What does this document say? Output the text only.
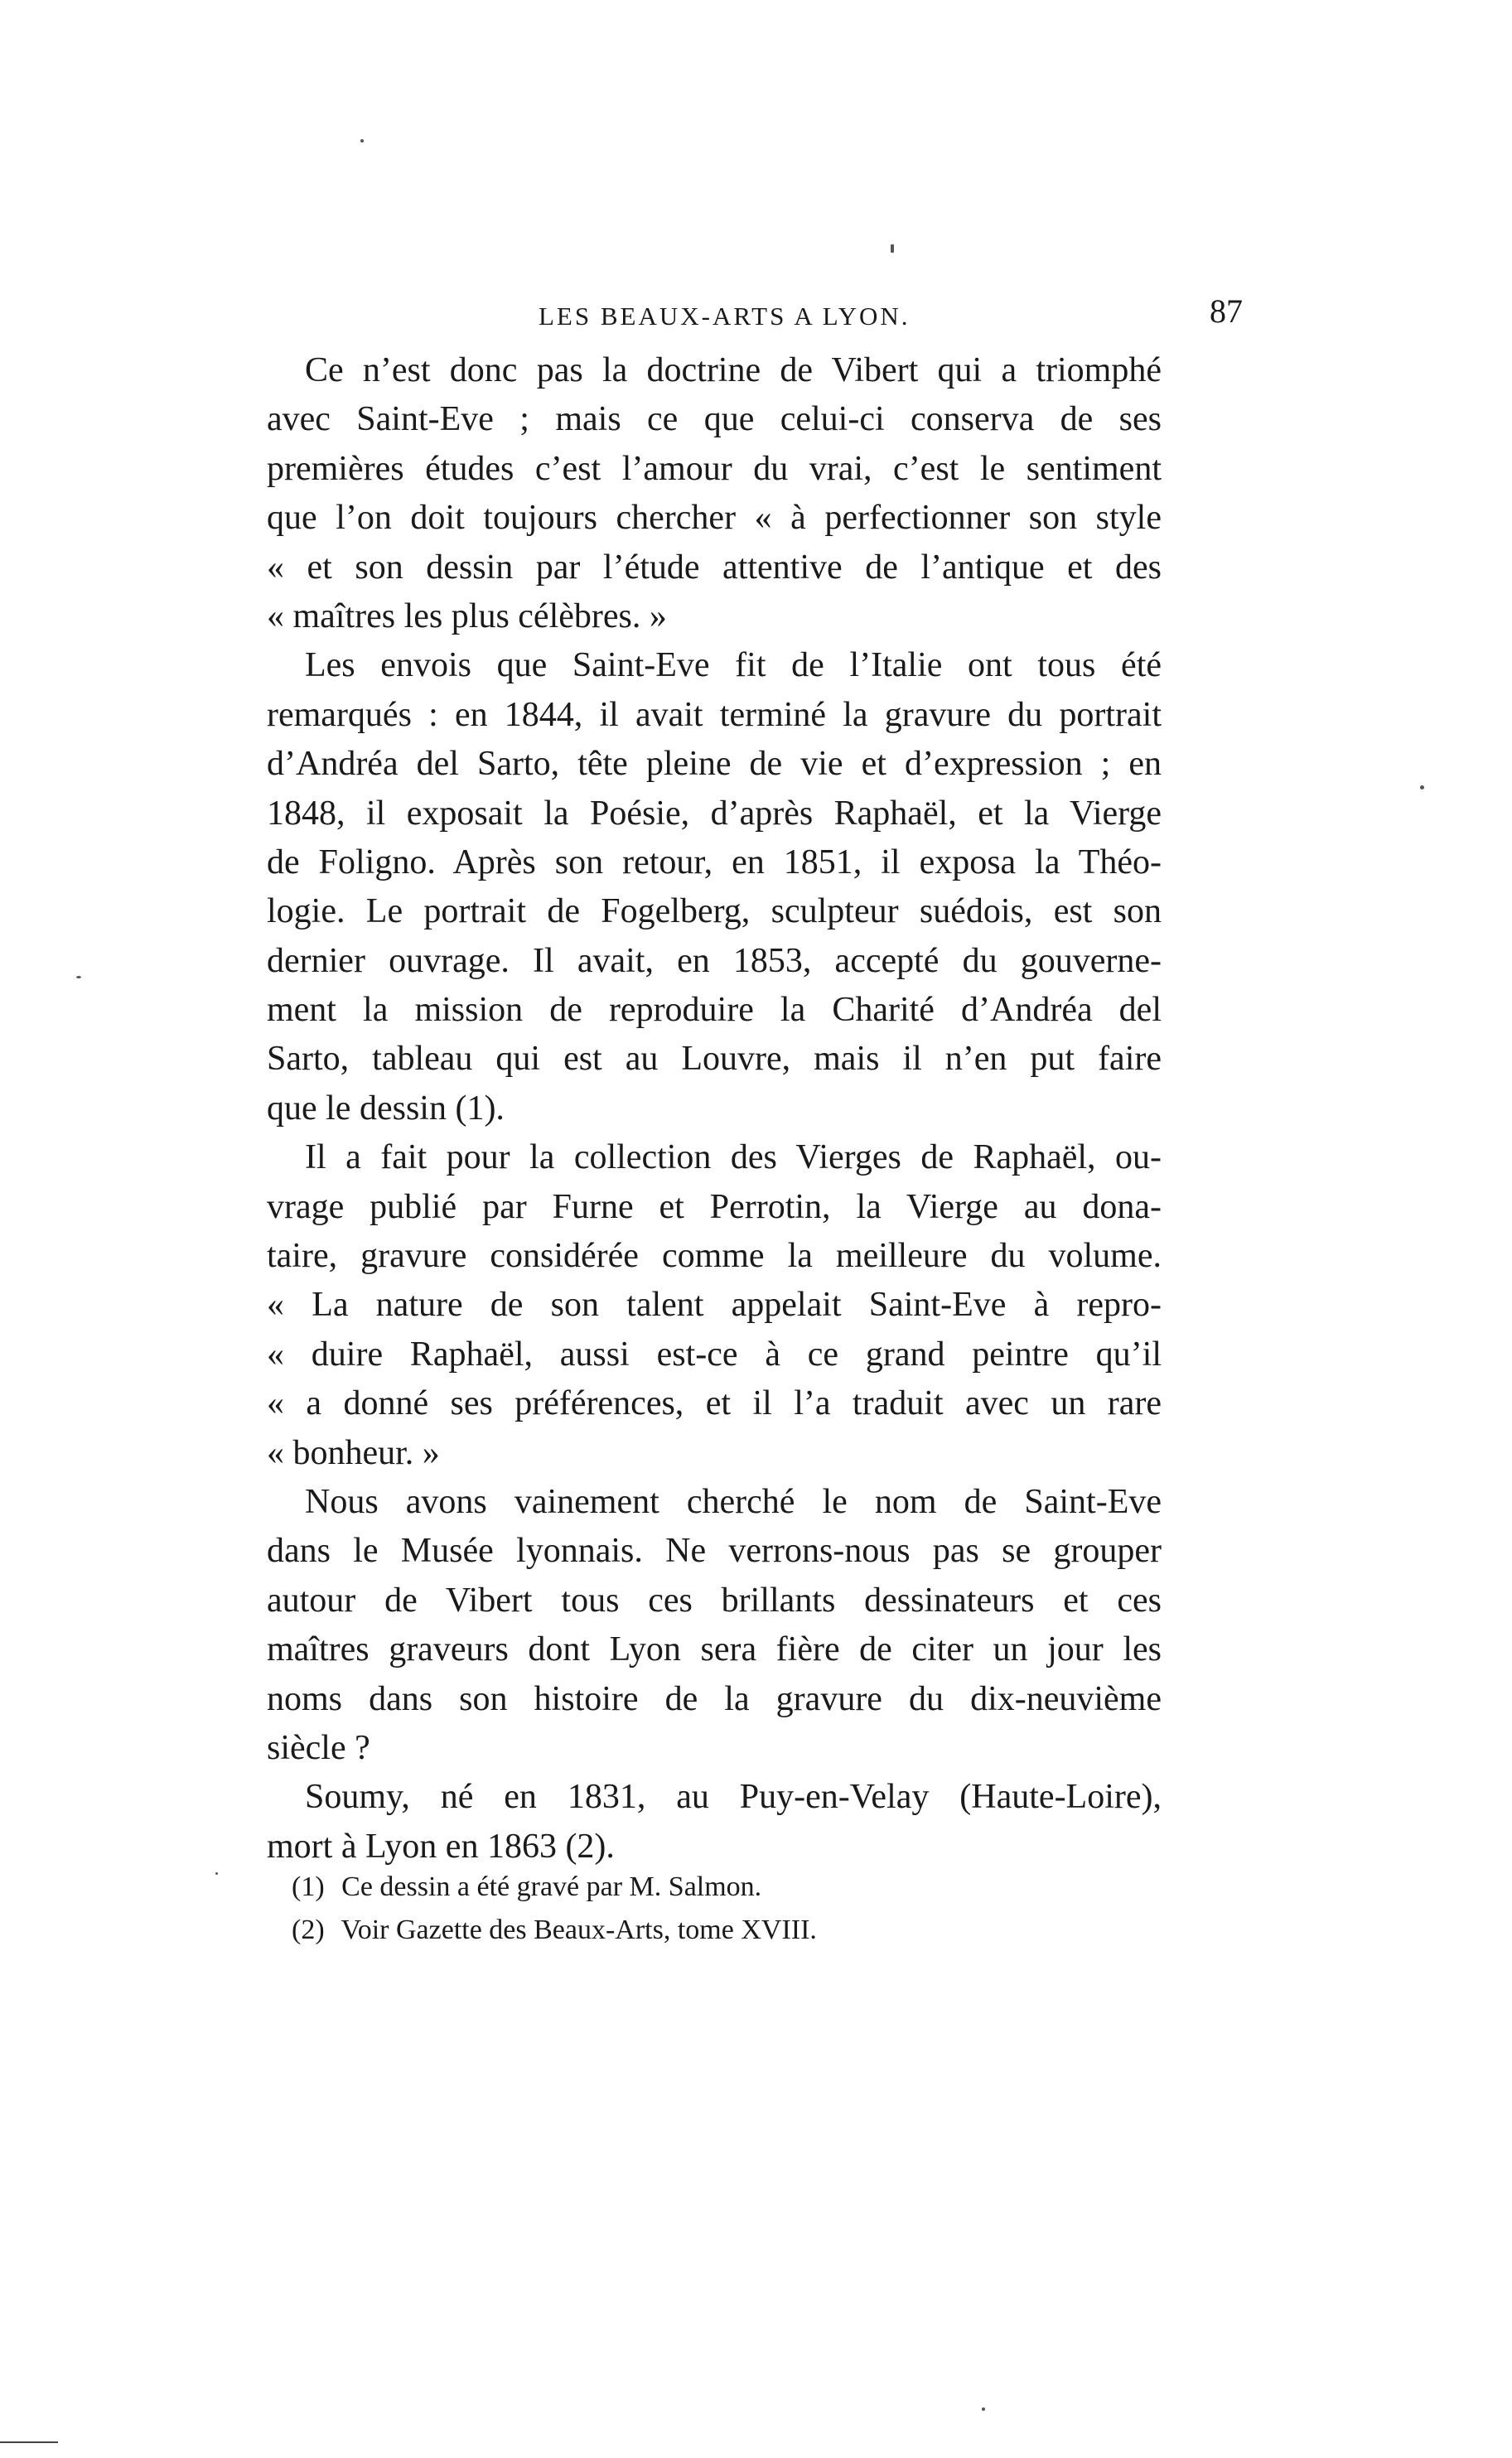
LES BEAUX-ARTS A LYON.	87
Ce n’est donc pas la doctrine de Vibert qui a triomphé
avec Saint-Eve ; mais ce que celui-ci conserva de ses
premières études c’est l’amour du vrai, c’est le sentiment
que l’on doit toujours chercher « à perfectionner son style
« et son dessin par l’étude attentive de l’antique et des
« maîtres les plus célèbres. »
Les envois que Saint-Eve fit de l’Italie ont tous été
remarqués : en 1844, il avait terminé la gravure du portrait
d’Andréa del Sarto, tête pleine de vie et d’expression ; en
1848, il exposait la Poésie, d’après Raphaël, et la Vierge
de Foligno. Après son retour, en 1851, il exposa la Théo-
logie. Le portrait de Fogelberg, sculpteur suédois, est son
dernier ouvrage. Il avait, en 1853, accepté du gouverne-
ment la mission de reproduire la Charité d’Andréa del
Sarto, tableau qui est au Louvre, mais il n’en put faire
que le dessin (1).
Il a fait pour la collection des Vierges de Raphaël, ou-
vrage publié par Furne et Perrotin, la Vierge au dona-
taire, gravure considérée comme la meilleure du volume.
« La nature de son talent appelait Saint-Eve à repro-
« duire Raphaël, aussi est-ce à ce grand peintre qu’il
« a donné ses préférences, et il l’a traduit avec un rare
« bonheur. »
Nous avons vainement cherché le nom de Saint-Eve
dans le Musée lyonnais. Ne verrons-nous pas se grouper
autour de Vibert tous ces brillants dessinateurs et ces
maîtres graveurs dont Lyon sera fière de citer un jour les
noms dans son histoire de la gravure du dix-neuvième
siècle ?
Soumy, né en 1831, au Puy-en-Velay (Haute-Loire),
mort à Lyon en 1863 (2).
(1) Ce dessin a été gravé par M. Salmon.
(2) Voir Gazette des Beaux-Arts, tome XVIII.
